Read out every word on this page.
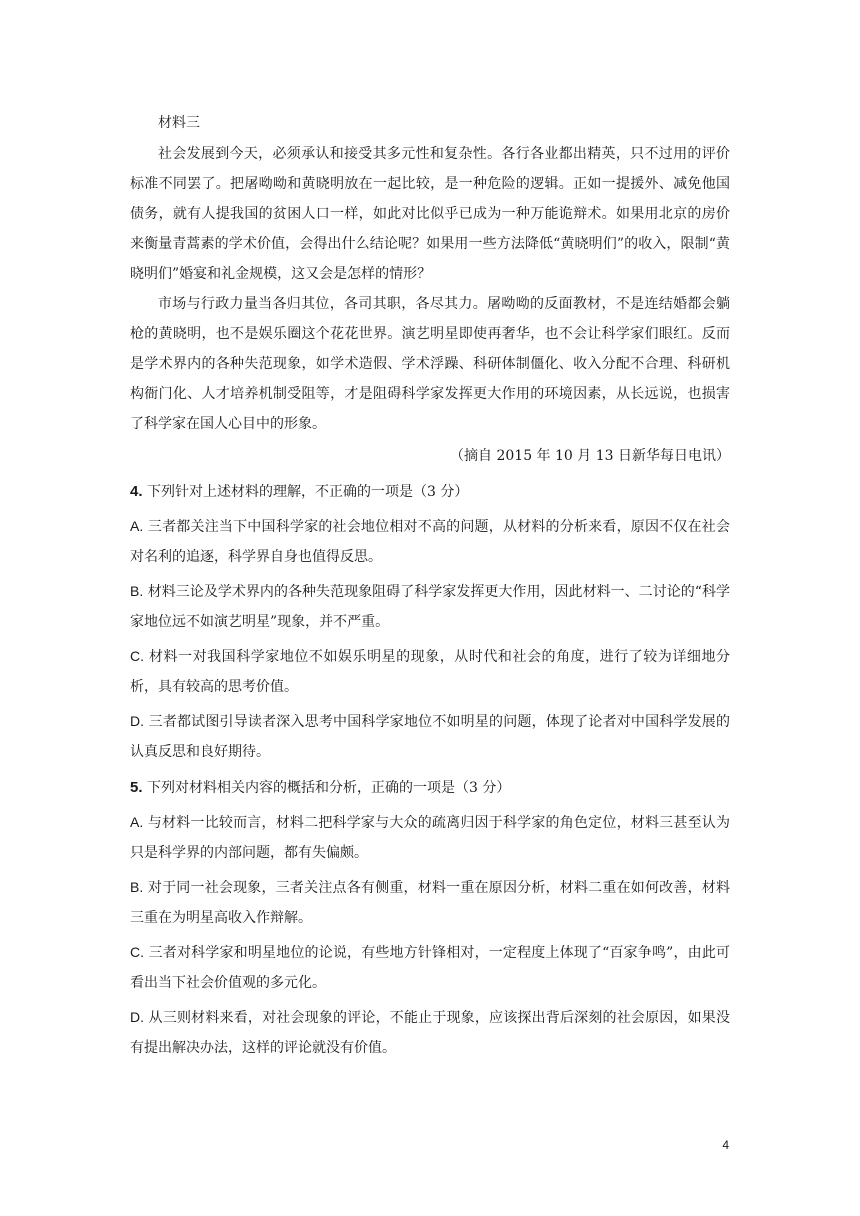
材料三

社会发展到今天，必须承认和接受其多元性和复杂性。各行各业都出精英，只不过用的评价标准不同罢了。把屠呦呦和黄晓明放在一起比较，是一种危险的逻辑。正如一提援外、减免他国债务，就有人提我国的贫困人口一样，如此对比似乎已成为一种万能诡辩术。如果用北京的房价来衡量青蒿素的学术价值，会得出什么结论呢？如果用一些方法降低“黄晓明们”的收入，限制“黄晓明们”婚宴和礼金规模，这又会是怎样的情形？

市场与行政力量当各归其位，各司其职，各尽其力。屠呦呦的反面教材，不是连结婚都会躺枪的黄晓明，也不是娱乐圈这个花花世界。演艺明星即使再奢华，也不会让科学家们眼红。反而是学术界内的各种失范现象，如学术造假、学术浮躁、科研体制僵化、收入分配不合理、科研机构衙门化、人才培养机制受阻等，才是阻碍科学家发挥更大作用的环境因素，从长远说，也损害了科学家在国人心目中的形象。

（摘自 2015 年 10 月 13 日新华每日电讯）

4. 下列针对上述材料的理解，不正确的一项是（3 分）

A. 三者都关注当下中国科学家的社会地位相对不高的问题，从材料的分析来看，原因不仅在社会对名利的追逐，科学界自身也值得反思。

B. 材料三论及学术界内的各种失范现象阻碍了科学家发挥更大作用，因此材料一、二讨论的“科学家地位远不如演艺明星”现象，并不严重。

C. 材料一对我国科学家地位不如娱乐明星的现象，从时代和社会的角度，进行了较为详细地分析，具有较高的思考价值。

D. 三者都试图引导读者深入思考中国科学家地位不如明星的问题，体现了论者对中国科学发展的认真反思和良好期待。

5. 下列对材料相关内容的概括和分析，正确的一项是（3 分）

A. 与材料一比较而言，材料二把科学家与大众的疏离归因于科学家的角色定位，材料三甚至认为只是科学界的内部问题，都有失偏颇。

B. 对于同一社会现象，三者关注点各有侧重，材料一重在原因分析，材料二重在如何改善，材料三重在为明星高收入作辩解。

C. 三者对科学家和明星地位的论说，有些地方针锋相对，一定程度上体现了“百家争鸣”，由此可看出当下社会价值观的多元化。

D. 从三则材料来看，对社会现象的评论，不能止于现象，应该探出背后深刻的社会原因，如果没有提出解决办法，这样的评论就没有价值。

4
